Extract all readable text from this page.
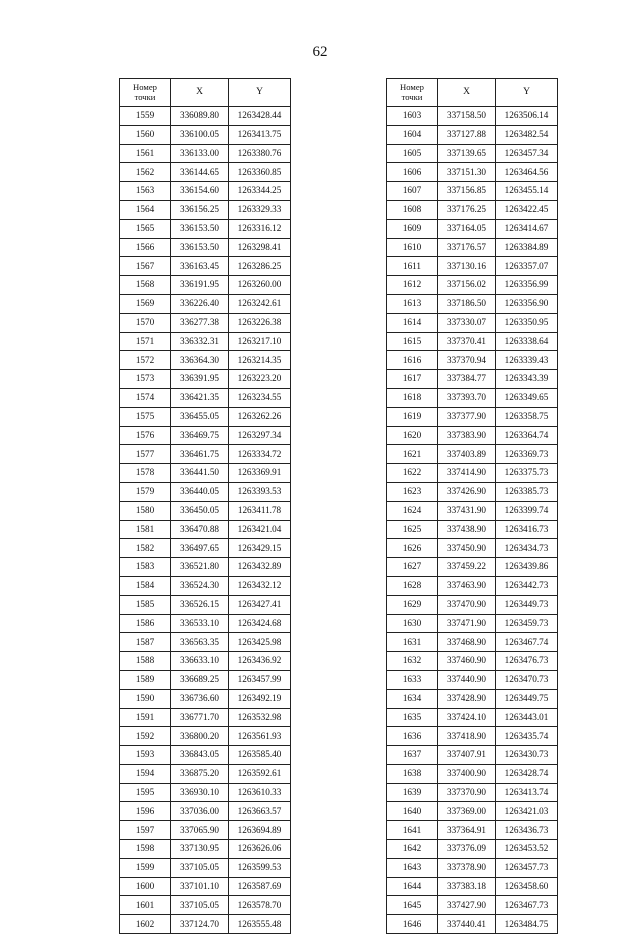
62
Номер
точки	X	Y
1559	336089.80	1263428.44
1560	336100.05	1263413.75
1561	336133.00	1263380.76
1562	336144.65	1263360.85
1563	336154.60	1263344.25
1564	336156.25	1263329.33
1565	336153.50	1263316.12
1566	336153.50	1263298.41
1567	336163.45	1263286.25
1568	336191.95	1263260.00
1569	336226.40	1263242.61
1570	336277.38	1263226.38
1571	336332.31	1263217.10
1572	336364.30	1263214.35
1573	336391.95	1263223.20
1574	336421.35	1263234.55
1575	336455.05	1263262.26
1576	336469.75	1263297.34
1577	336461.75	1263334.72
1578	336441.50	1263369.91
1579	336440.05	1263393.53
1580	336450.05	1263411.78
1581	336470.88	1263421.04
1582	336497.65	1263429.15
1583	336521.80	1263432.89
1584	336524.30	1263432.12
1585	336526.15	1263427.41
1586	336533.10	1263424.68
1587	336563.35	1263425.98
1588	336633.10	1263436.92
1589	336689.25	1263457.99
1590	336736.60	1263492.19
1591	336771.70	1263532.98
1592	336800.20	1263561.93
1593	336843.05	1263585.40
1594	336875.20	1263592.61
1595	336930.10	1263610.33
1596	337036.00	1263663.57
1597	337065.90	1263694.89
1598	337130.95	1263626.06
1599	337105.05	1263599.53
1600	337101.10	1263587.69
1601	337105.05	1263578.70
1602	337124.70	1263555.48
Номер
точки	X	Y
1603	337158.50	1263506.14
1604	337127.88	1263482.54
1605	337139.65	1263457.34
1606	337151.30	1263464.56
1607	337156.85	1263455.14
1608	337176.25	1263422.45
1609	337164.05	1263414.67
1610	337176.57	1263384.89
1611	337130.16	1263357.07
1612	337156.02	1263356.99
1613	337186.50	1263356.90
1614	337330.07	1263350.95
1615	337370.41	1263338.64
1616	337370.94	1263339.43
1617	337384.77	1263343.39
1618	337393.70	1263349.65
1619	337377.90	1263358.75
1620	337383.90	1263364.74
1621	337403.89	1263369.73
1622	337414.90	1263375.73
1623	337426.90	1263385.73
1624	337431.90	1263399.74
1625	337438.90	1263416.73
1626	337450.90	1263434.73
1627	337459.22	1263439.86
1628	337463.90	1263442.73
1629	337470.90	1263449.73
1630	337471.90	1263459.73
1631	337468.90	1263467.74
1632	337460.90	1263476.73
1633	337440.90	1263470.73
1634	337428.90	1263449.75
1635	337424.10	1263443.01
1636	337418.90	1263435.74
1637	337407.91	1263430.73
1638	337400.90	1263428.74
1639	337370.90	1263413.74
1640	337369.00	1263421.03
1641	337364.91	1263436.73
1642	337376.09	1263453.52
1643	337378.90	1263457.73
1644	337383.18	1263458.60
1645	337427.90	1263467.73
1646	337440.41	1263484.75
